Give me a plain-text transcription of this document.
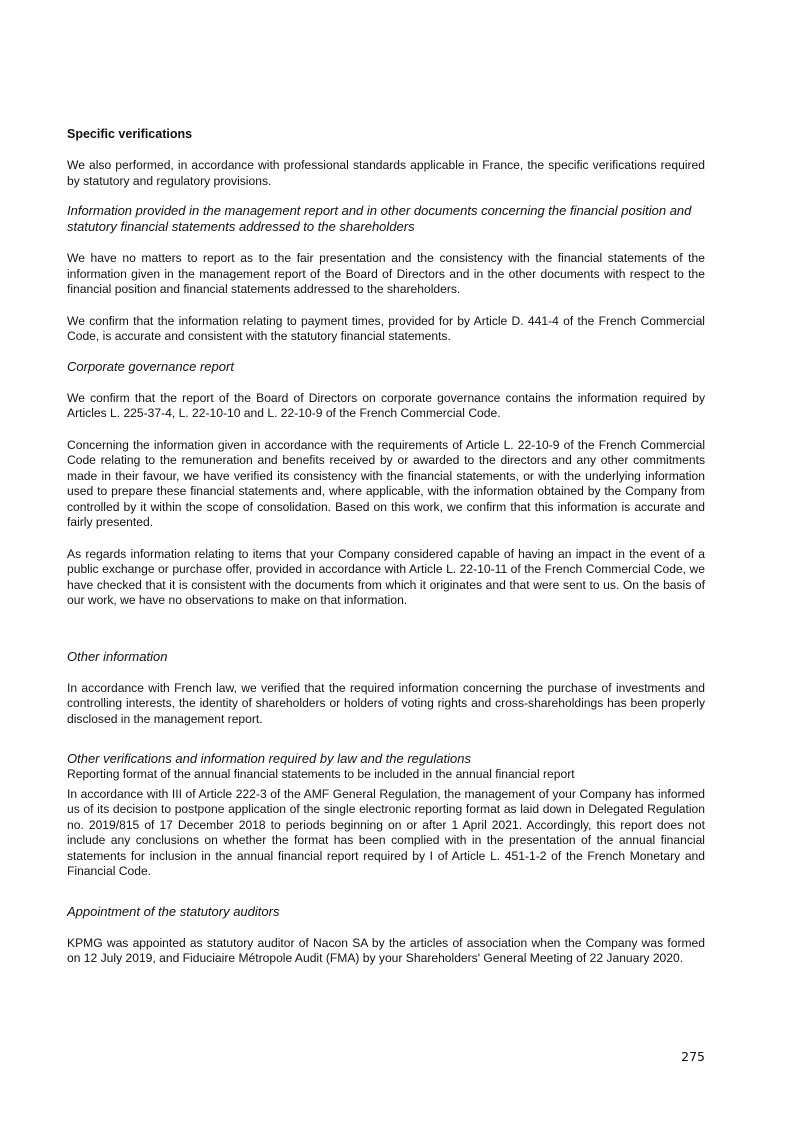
Specific verifications

We also performed, in accordance with professional standards applicable in France, the specific verifications required by statutory and regulatory provisions.

Information provided in the management report and in other documents concerning the financial position and statutory financial statements addressed to the shareholders

We have no matters to report as to the fair presentation and the consistency with the financial statements of the information given in the management report of the Board of Directors and in the other documents with respect to the financial position and financial statements addressed to the shareholders.

We confirm that the information relating to payment times, provided for by Article D. 441-4 of the French Commercial Code, is accurate and consistent with the statutory financial statements.

Corporate governance report

We confirm that the report of the Board of Directors on corporate governance contains the information required by Articles L. 225-37-4, L. 22-10-10 and L. 22-10-9 of the French Commercial Code.

Concerning the information given in accordance with the requirements of Article L. 22-10-9 of the French Commercial Code relating to the remuneration and benefits received by or awarded to the directors and any other commitments made in their favour, we have verified its consistency with the financial statements, or with the underlying information used to prepare these financial statements and, where applicable, with the information obtained by the Company from controlled by it within the scope of consolidation. Based on this work, we confirm that this information is accurate and fairly presented.

As regards information relating to items that your Company considered capable of having an impact in the event of a public exchange or purchase offer, provided in accordance with Article L. 22-10-11 of the French Commercial Code, we have checked that it is consistent with the documents from which it originates and that were sent to us. On the basis of our work, we have no observations to make on that information.

Other information

In accordance with French law, we verified that the required information concerning the purchase of investments and controlling interests, the identity of shareholders or holders of voting rights and cross-shareholdings has been properly disclosed in the management report.

Other verifications and information required by law and the regulations
Reporting format of the annual financial statements to be included in the annual financial report

In accordance with III of Article 222-3 of the AMF General Regulation, the management of your Company has informed us of its decision to postpone application of the single electronic reporting format as laid down in Delegated Regulation no. 2019/815 of 17 December 2018 to periods beginning on or after 1 April 2021. Accordingly, this report does not include any conclusions on whether the format has been complied with in the presentation of the annual financial statements for inclusion in the annual financial report required by I of Article L. 451-1-2 of the French Monetary and Financial Code.

Appointment of the statutory auditors

KPMG was appointed as statutory auditor of Nacon SA by the articles of association when the Company was formed on 12 July 2019, and Fiduciaire Métropole Audit (FMA) by your Shareholders' General Meeting of 22 January 2020.

275
